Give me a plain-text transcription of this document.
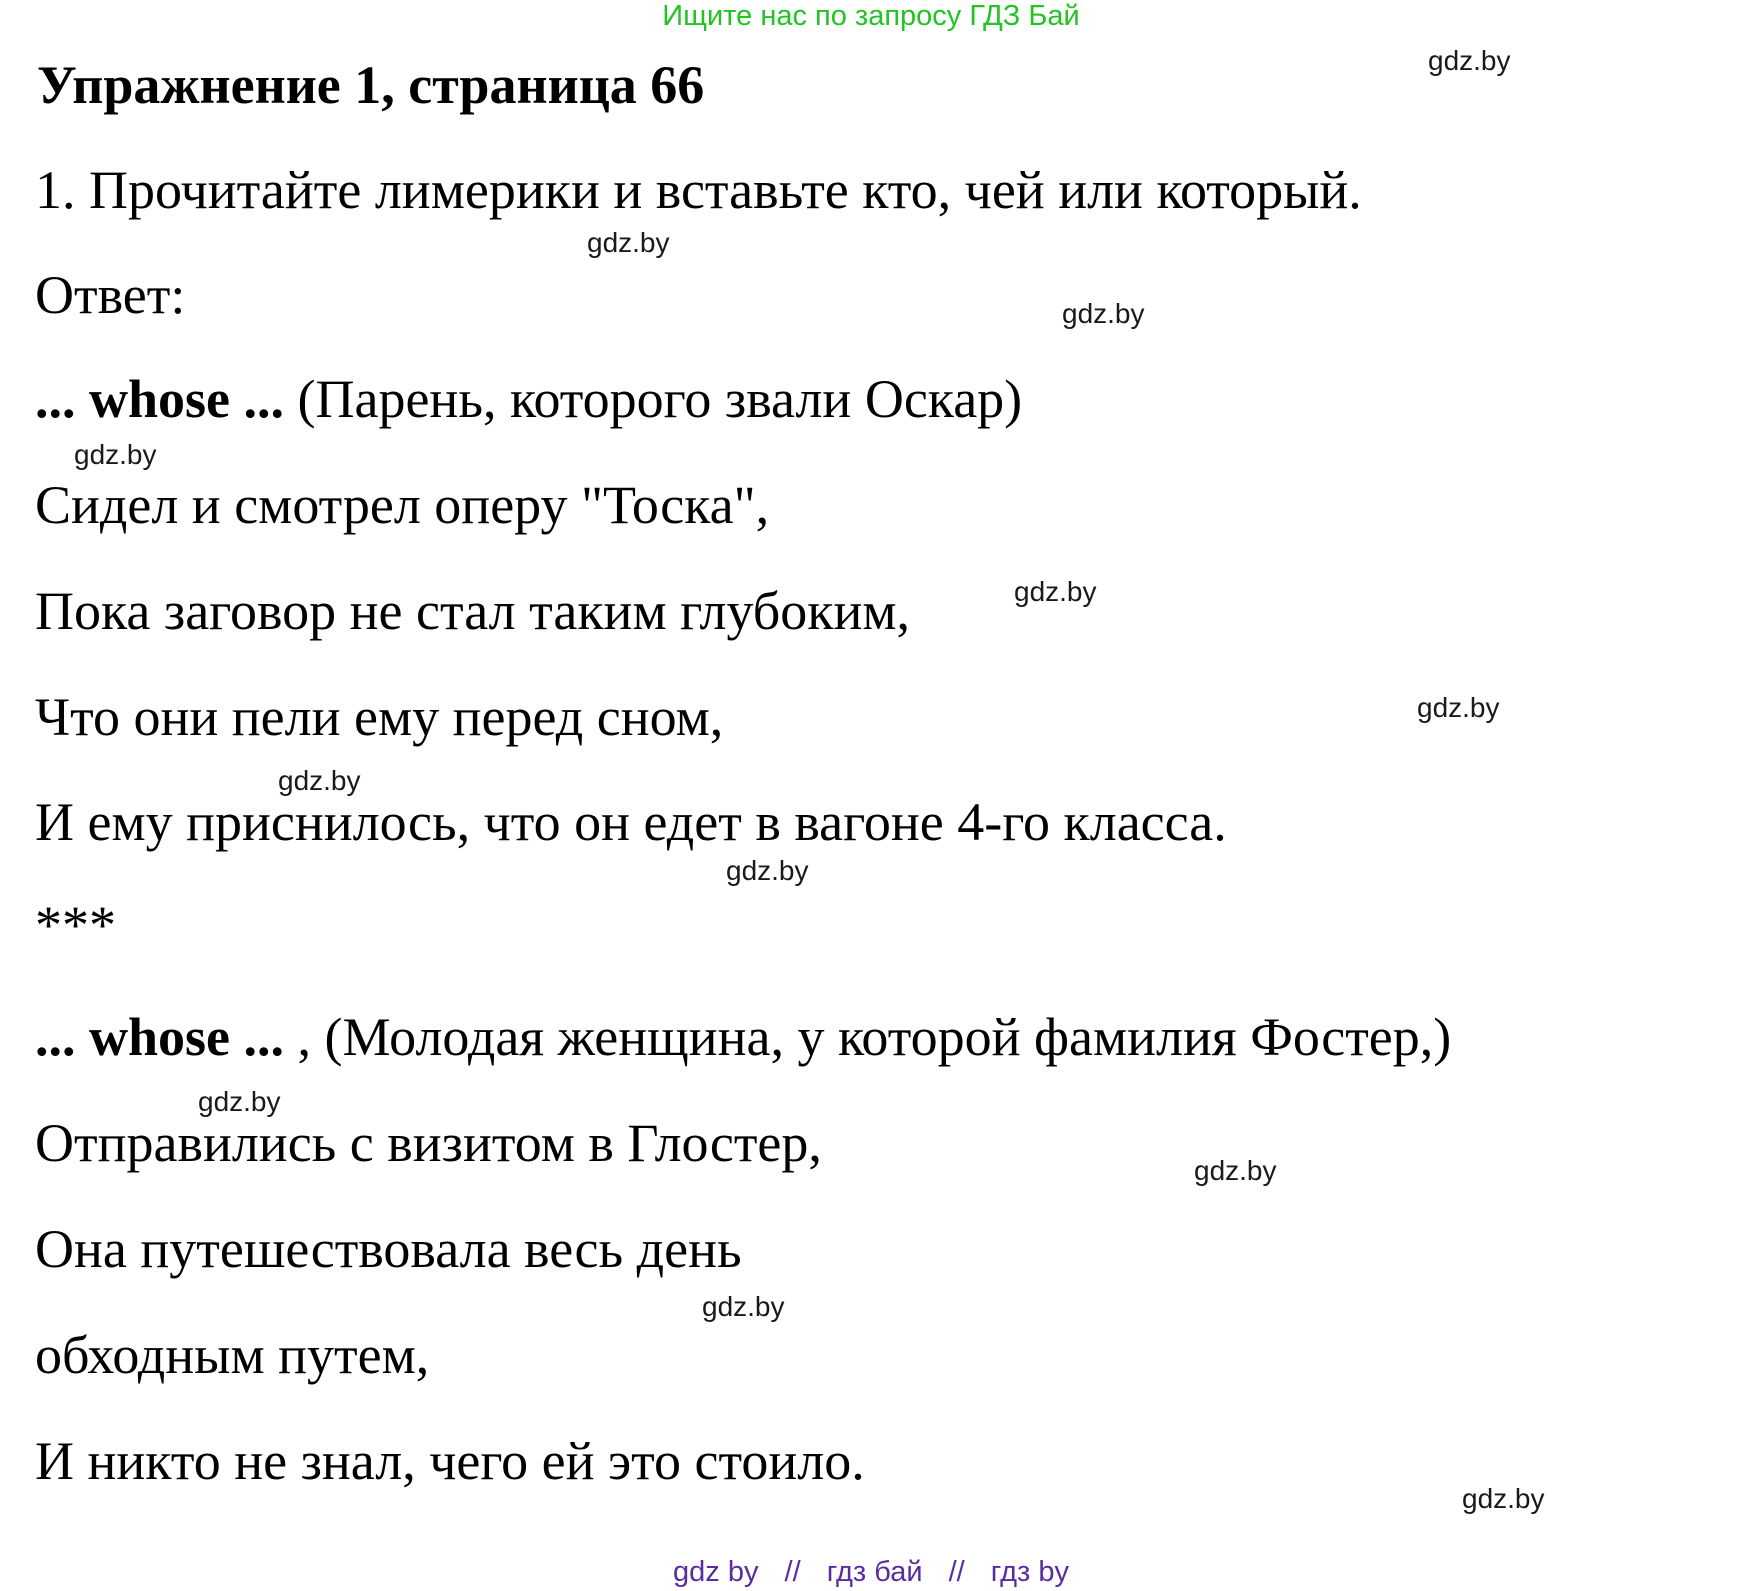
Ищите нас по запросу ГДЗ Бай
Упражнение 1, страница 66	gdz.by
gdz.by
gdz.by
gdz.by
gdz.by
gdz.by
gdz.by
gdz.by
gdz.by
gdz.by
gdz.by
gdz.by
1. Прочитайте лимерики и вставьте кто, чей или который.
Ответ:
... whose ... (Парень, которого звали Оскар)
Сидел и смотрел оперу "Тоска",
Пока заговор не стал таким глубоким,
Что они пели ему перед сном,
И ему приснилось, что он едет в вагоне 4-го класса.
***
... whose ... , (Молодая женщина, у которой фамилия Фостер,)
Отправились с визитом в Глостер,
Она путешествовала весь день
обходным путем,
И никто не знал, чего ей это стоило.
gdz by // гдз бай // гдз by
